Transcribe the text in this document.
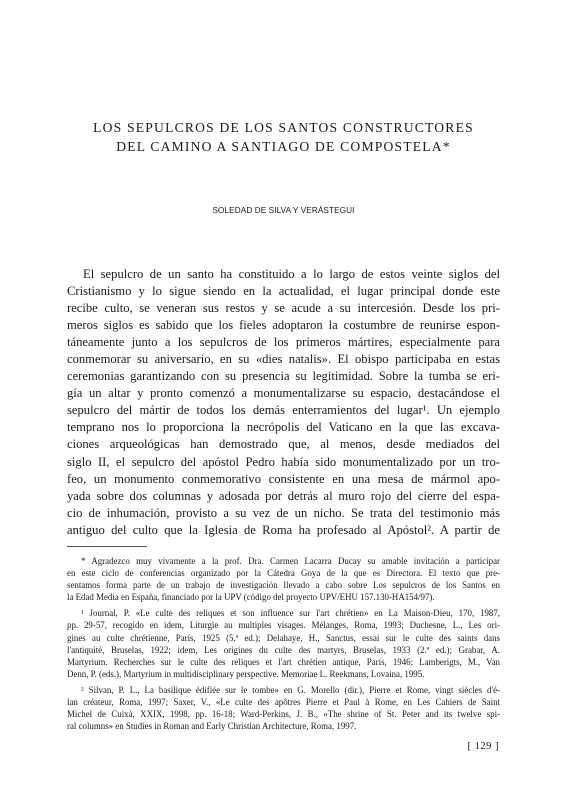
LOS SEPULCROS DE LOS SANTOS CONSTRUCTORES
DEL CAMINO A SANTIAGO DE COMPOSTELA*
SOLEDAD DE SILVA Y VERÁSTEGUI
El sepulcro de un santo ha constituido a lo largo de estos veinte siglos del
Cristianismo y lo sigue siendo en la actualidad, el lugar principal donde este
recibe culto, se veneran sus restos y se acude a su intercesión. Desde los pri-
meros siglos es sabido que los fieles adoptaron la costumbre de reunirse espon-
táneamente junto a los sepulcros de los primeros mártires, especialmente para
conmemorar su aniversario, en su «dies natalis». El obispo participaba en estas
ceremonias garantizando con su presencia su legitimidad. Sobre la tumba se eri-
gía un altar y pronto comenzó a monumentalizarse su espacio, destacándose el
sepulcro del mártir de todos los demás enterramientos del lugar¹. Un ejemplo
temprano nos lo proporciona la necrópolis del Vaticano en la que las excava-
ciones arqueológicas han demostrado que, al menos, desde mediados del
siglo II, el sepulcro del apóstol Pedro había sido monumentalizado por un tro-
feo, un monumento conmemorativo consistente en una mesa de mármol apo-
yada sobre dos columnas y adosada por detrás al muro rojo del cierre del espa-
cio de inhumación, provisto a su vez de un nicho. Se trata del testimonio más
antiguo del culto que la Iglesia de Roma ha profesado al Apóstol². A partir de
* Agradezco muy vivamente a la prof. Dra. Carmen Lacarra Ducay su amable invitación a participar
en este ciclo de conferencias organizado por la Cátedra Goya de la que es Directora. El texto que pre-
sentamos forma parte de un trabajo de investigación llevado a cabo sobre Los sepulcros de los Santos en
la Edad Media en España, financiado por la UPV (código del proyecto UPV/EHU 157.130-HA154/97).
¹ Journal, P. «Le culte des reliques et son influence sur l'art chrétien» en La Maison-Dieu, 170, 1987,
pp. 29-57, recogido en idem, Liturgie au multiples visages. Mélanges, Roma, 1993; Duchesne, L., Les ori-
gines au culte chrétienne, París, 1925 (5.ª ed.); Delahaye, H., Sanctus, essai sur le culte des saints dans
l'antiquité, Bruselas, 1922; idem, Les origines du culte des martyrs, Bruselas, 1933 (2.ª ed.); Grabar, A.
Martyrium. Recherches sur le culte des reliques et l'art chrétien antique, París, 1946; Lamberigts, M., Van
Denn, P. (eds.), Martyrium in multidisciplinary perspective. Memoriae L. Reekmans, Lovaina, 1995.
² Silvan, P. L., La basilique édifiée sur le tombe» en G. Morello (dir.), Pierre et Rome, vingt siècles d'é-
lan créateur, Roma, 1997; Saxer, V., «Le culte des apôtres Pierre et Paul à Rome, en Les Cahiers de Saint
Michel de Cuixà, XXIX, 1998, pp. 16-18; Ward-Perkins, J. B., «The shrine of St. Peter and its twelve spi-
ral columns» en Studies in Roman and Early Christian Architecture, Roma, 1997.
[ 129 ]
